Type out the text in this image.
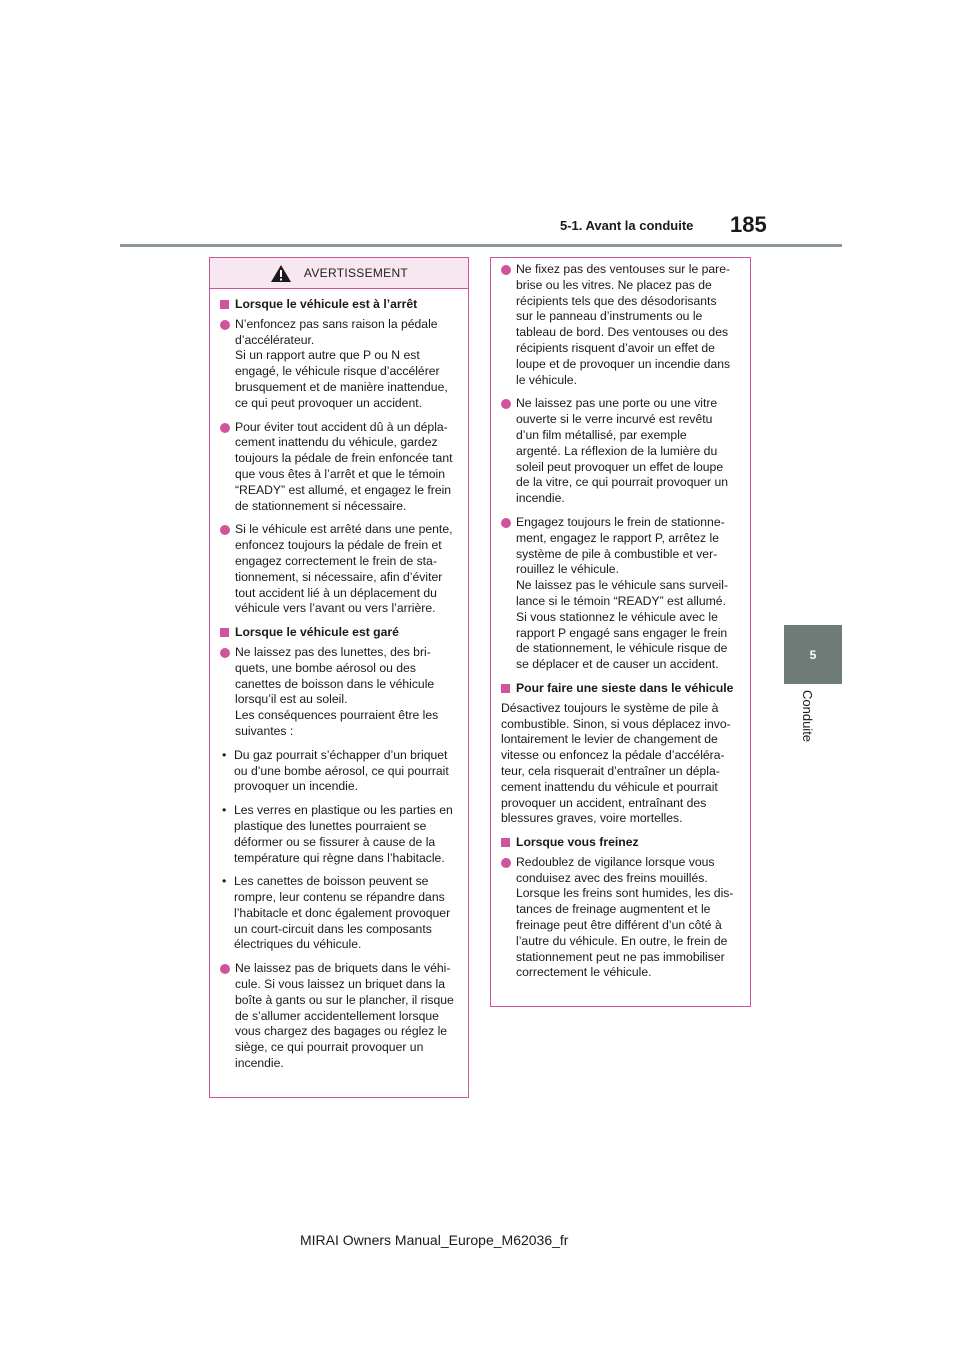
5-1. Avant la conduite 185
5
Conduite
AVERTISSEMENT
Lorsque le véhicule est à l’arrêt
N’enfoncez pas sans raison la pédale
d’accélérateur.
Si un rapport autre que P ou N est
engagé, le véhicule risque d’accélérer
brusquement et de manière inattendue,
ce qui peut provoquer un accident.
Pour éviter tout accident dû à un dépla-
cement inattendu du véhicule, gardez
toujours la pédale de frein enfoncée tant
que vous êtes à l’arrêt et que le témoin
“READY” est allumé, et engagez le frein
de stationnement si nécessaire.
Si le véhicule est arrêté dans une pente,
enfoncez toujours la pédale de frein et
engagez correctement le frein de sta-
tionnement, si nécessaire, afin d’éviter
tout accident lié à un déplacement du
véhicule vers l’avant ou vers l’arrière.
Lorsque le véhicule est garé
Ne laissez pas des lunettes, des bri-
quets, une bombe aérosol ou des
canettes de boisson dans le véhicule
lorsqu’il est au soleil.
Les conséquences pourraient être les
suivantes :
• Du gaz pourrait s’échapper d’un briquet
ou d’une bombe aérosol, ce qui pourrait
provoquer un incendie.
• Les verres en plastique ou les parties en
plastique des lunettes pourraient se
déformer ou se fissurer à cause de la
température qui règne dans l’habitacle.
• Les canettes de boisson peuvent se
rompre, leur contenu se répandre dans
l’habitacle et donc également provoquer
un court-circuit dans les composants
électriques du véhicule.
Ne laissez pas de briquets dans le véhi-
cule. Si vous laissez un briquet dans la
boîte à gants ou sur le plancher, il risque
de s’allumer accidentellement lorsque
vous chargez des bagages ou réglez le
siège, ce qui pourrait provoquer un
incendie.
Ne fixez pas des ventouses sur le pare-
brise ou les vitres. Ne placez pas de
récipients tels que des désodorisants
sur le panneau d’instruments ou le
tableau de bord. Des ventouses ou des
récipients risquent d’avoir un effet de
loupe et de provoquer un incendie dans
le véhicule.
Ne laissez pas une porte ou une vitre
ouverte si le verre incurvé est revêtu
d’un film métallisé, par exemple
argenté. La réflexion de la lumière du
soleil peut provoquer un effet de loupe
de la vitre, ce qui pourrait provoquer un
incendie.
Engagez toujours le frein de stationne-
ment, engagez le rapport P, arrêtez le
système de pile à combustible et ver-
rouillez le véhicule.
Ne laissez pas le véhicule sans surveil-
lance si le témoin “READY” est allumé.
Si vous stationnez le véhicule avec le
rapport P engagé sans engager le frein
de stationnement, le véhicule risque de
se déplacer et de causer un accident.
Pour faire une sieste dans le véhicule
Désactivez toujours le système de pile à
combustible. Sinon, si vous déplacez invo-
lontairement le levier de changement de
vitesse ou enfoncez la pédale d’accéléra-
teur, cela risquerait d’entraîner un dépla-
cement inattendu du véhicule et pourrait
provoquer un accident, entraînant des
blessures graves, voire mortelles.
Lorsque vous freinez
Redoublez de vigilance lorsque vous
conduisez avec des freins mouillés.
Lorsque les freins sont humides, les dis-
tances de freinage augmentent et le
freinage peut être différent d’un côté à
l’autre du véhicule. En outre, le frein de
stationnement peut ne pas immobiliser
correctement le véhicule.
MIRAI Owners Manual_Europe_M62036_fr
